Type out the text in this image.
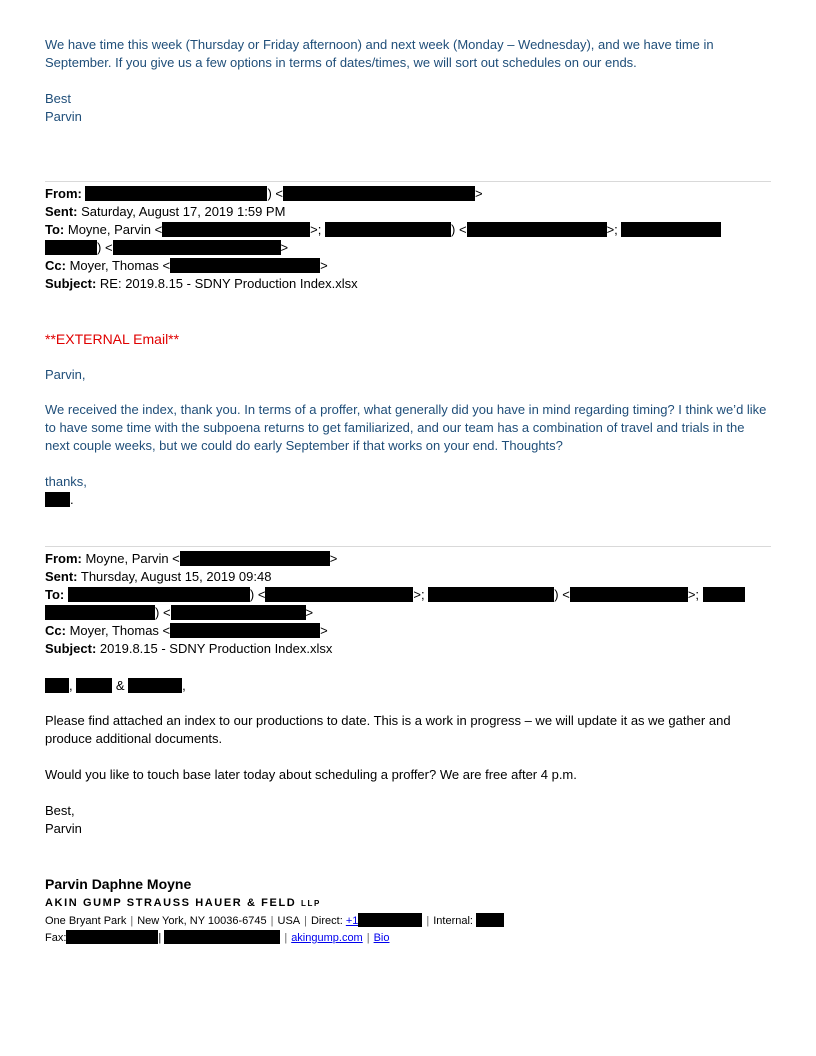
We have time this week (Thursday or Friday afternoon) and next week (Monday – Wednesday), and we have time in September. If you give us a few options in terms of dates/times, we will sort out schedules on our ends.

Best

Parvin

From:	) <	>
Sent: Saturday, August 17, 2019 1:59 PM
To: Moyne, Parvin <	>;	) <	>;
) <	>
Cc: Moyer, Thomas <	>
Subject: RE: 2019.8.15 - SDNY Production Index.xlsx

**EXTERNAL Email**

Parvin,

We received the index, thank you. In terms of a proffer, what generally did you have in mind regarding timing? I think we’d like to have some time with the subpoena returns to get familiarized, and our team has a combination of travel and trials in the next couple weeks, but we could do early September if that works on your end. Thoughts?

thanks,

.
From: Moyne, Parvin <	>
Sent: Thursday, August 15, 2019 09:48
To:	) <	>;	) <	>;
) <	>
Cc: Moyer, Thomas <	>
Subject: 2019.8.15 - SDNY Production Index.xlsx
,	&	,

Please find attached an index to our productions to date. This is a work in progress – we will update it as we gather and produce additional documents.

Would you like to touch base later today about scheduling a proffer? We are free after 4 p.m.

Best,

Parvin

Parvin Daphne Moyne
AKIN GUMP STRAUSS HAUER & FELD LLP
One Bryant Park | New York, NY 10036-6745 | USA | Direct: +1	| Internal:
Fax:	|	| akingump.com | Bio
